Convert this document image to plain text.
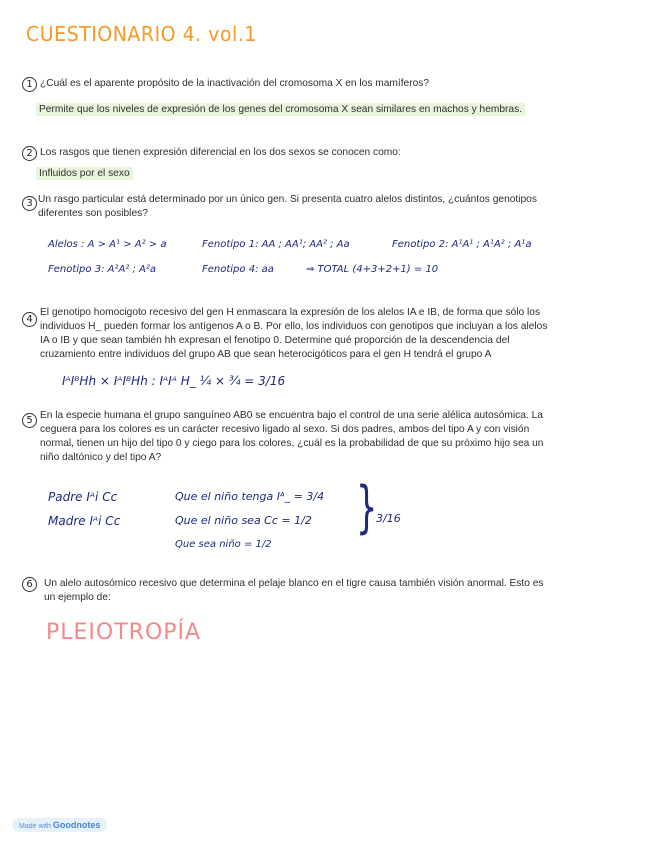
CUESTIONARIO 4. vol.1
1 ¿Cuál es el aparente propósito de la inactivación del cromosoma X en los mamíferos?
Permite que los niveles de expresión de los genes del cromosoma X sean similares en machos y hembras.
2 Los rasgos que tienen expresión diferencial en los dos sexos se conocen como:
Influidos por el sexo
3 Un rasgo particular está determinado por un único gen. Si presenta cuatro alelos distintos, ¿cuántos genotipos
diferentes son posibles?
Alelos : A > A¹ > A² > a	Fenotipo 1: AA ; AA¹; AA² ; Aa	Fenotipo 2: A¹A¹ ; A¹A² ; A¹a
Fenotipo 3: A²A² ; A²a	Fenotipo 4: aa	⇒ TOTAL (4+3+2+1) = 10
4
El genotipo homocigoto recesivo del gen H enmascara la expresión de los alelos IA e IB, de forma que sólo los
individuos H_ pueden formar los antígenos A o B. Por ello, los individuos con genotipos que incluyan a los alelos
IA o IB y que sean también hh expresan el fenotipo 0. Determine qué proporción de la descendencia del
cruzamiento entre individuos del grupo AB que sean heterocigóticos para el gen H tendrá el grupo A
IᴬIᴮHh × IᴬIᴮHh : IᴬIᴬ H_ ¼ × ¾ = 3/16
5 En la especie humana el grupo sanguíneo AB0 se encuentra bajo el control de una serie alélica autosómica. La
ceguera para los colores es un carácter recesivo ligado al sexo. Si dos padres, ambos del tipo A y con visión
normal, tienen un hijo del tipo 0 y ciego para los colores, ¿cuál es la probabilidad de que su próximo hijo sea un
niño daltónico y del tipo A?
Padre Iᴬi Cc
Madre Iᴬi Cc
Que el niño tenga Iᴬ_ = 3/4
Que el niño sea Cc = 1/2
Que sea niño = 1/2
}
3/16
6	Un alelo autosómico recesivo que determina el pelaje blanco en el tigre causa también visión anormal. Esto es
un ejemplo de:
PLEIOTROPÍA
Made with Goodnotes
